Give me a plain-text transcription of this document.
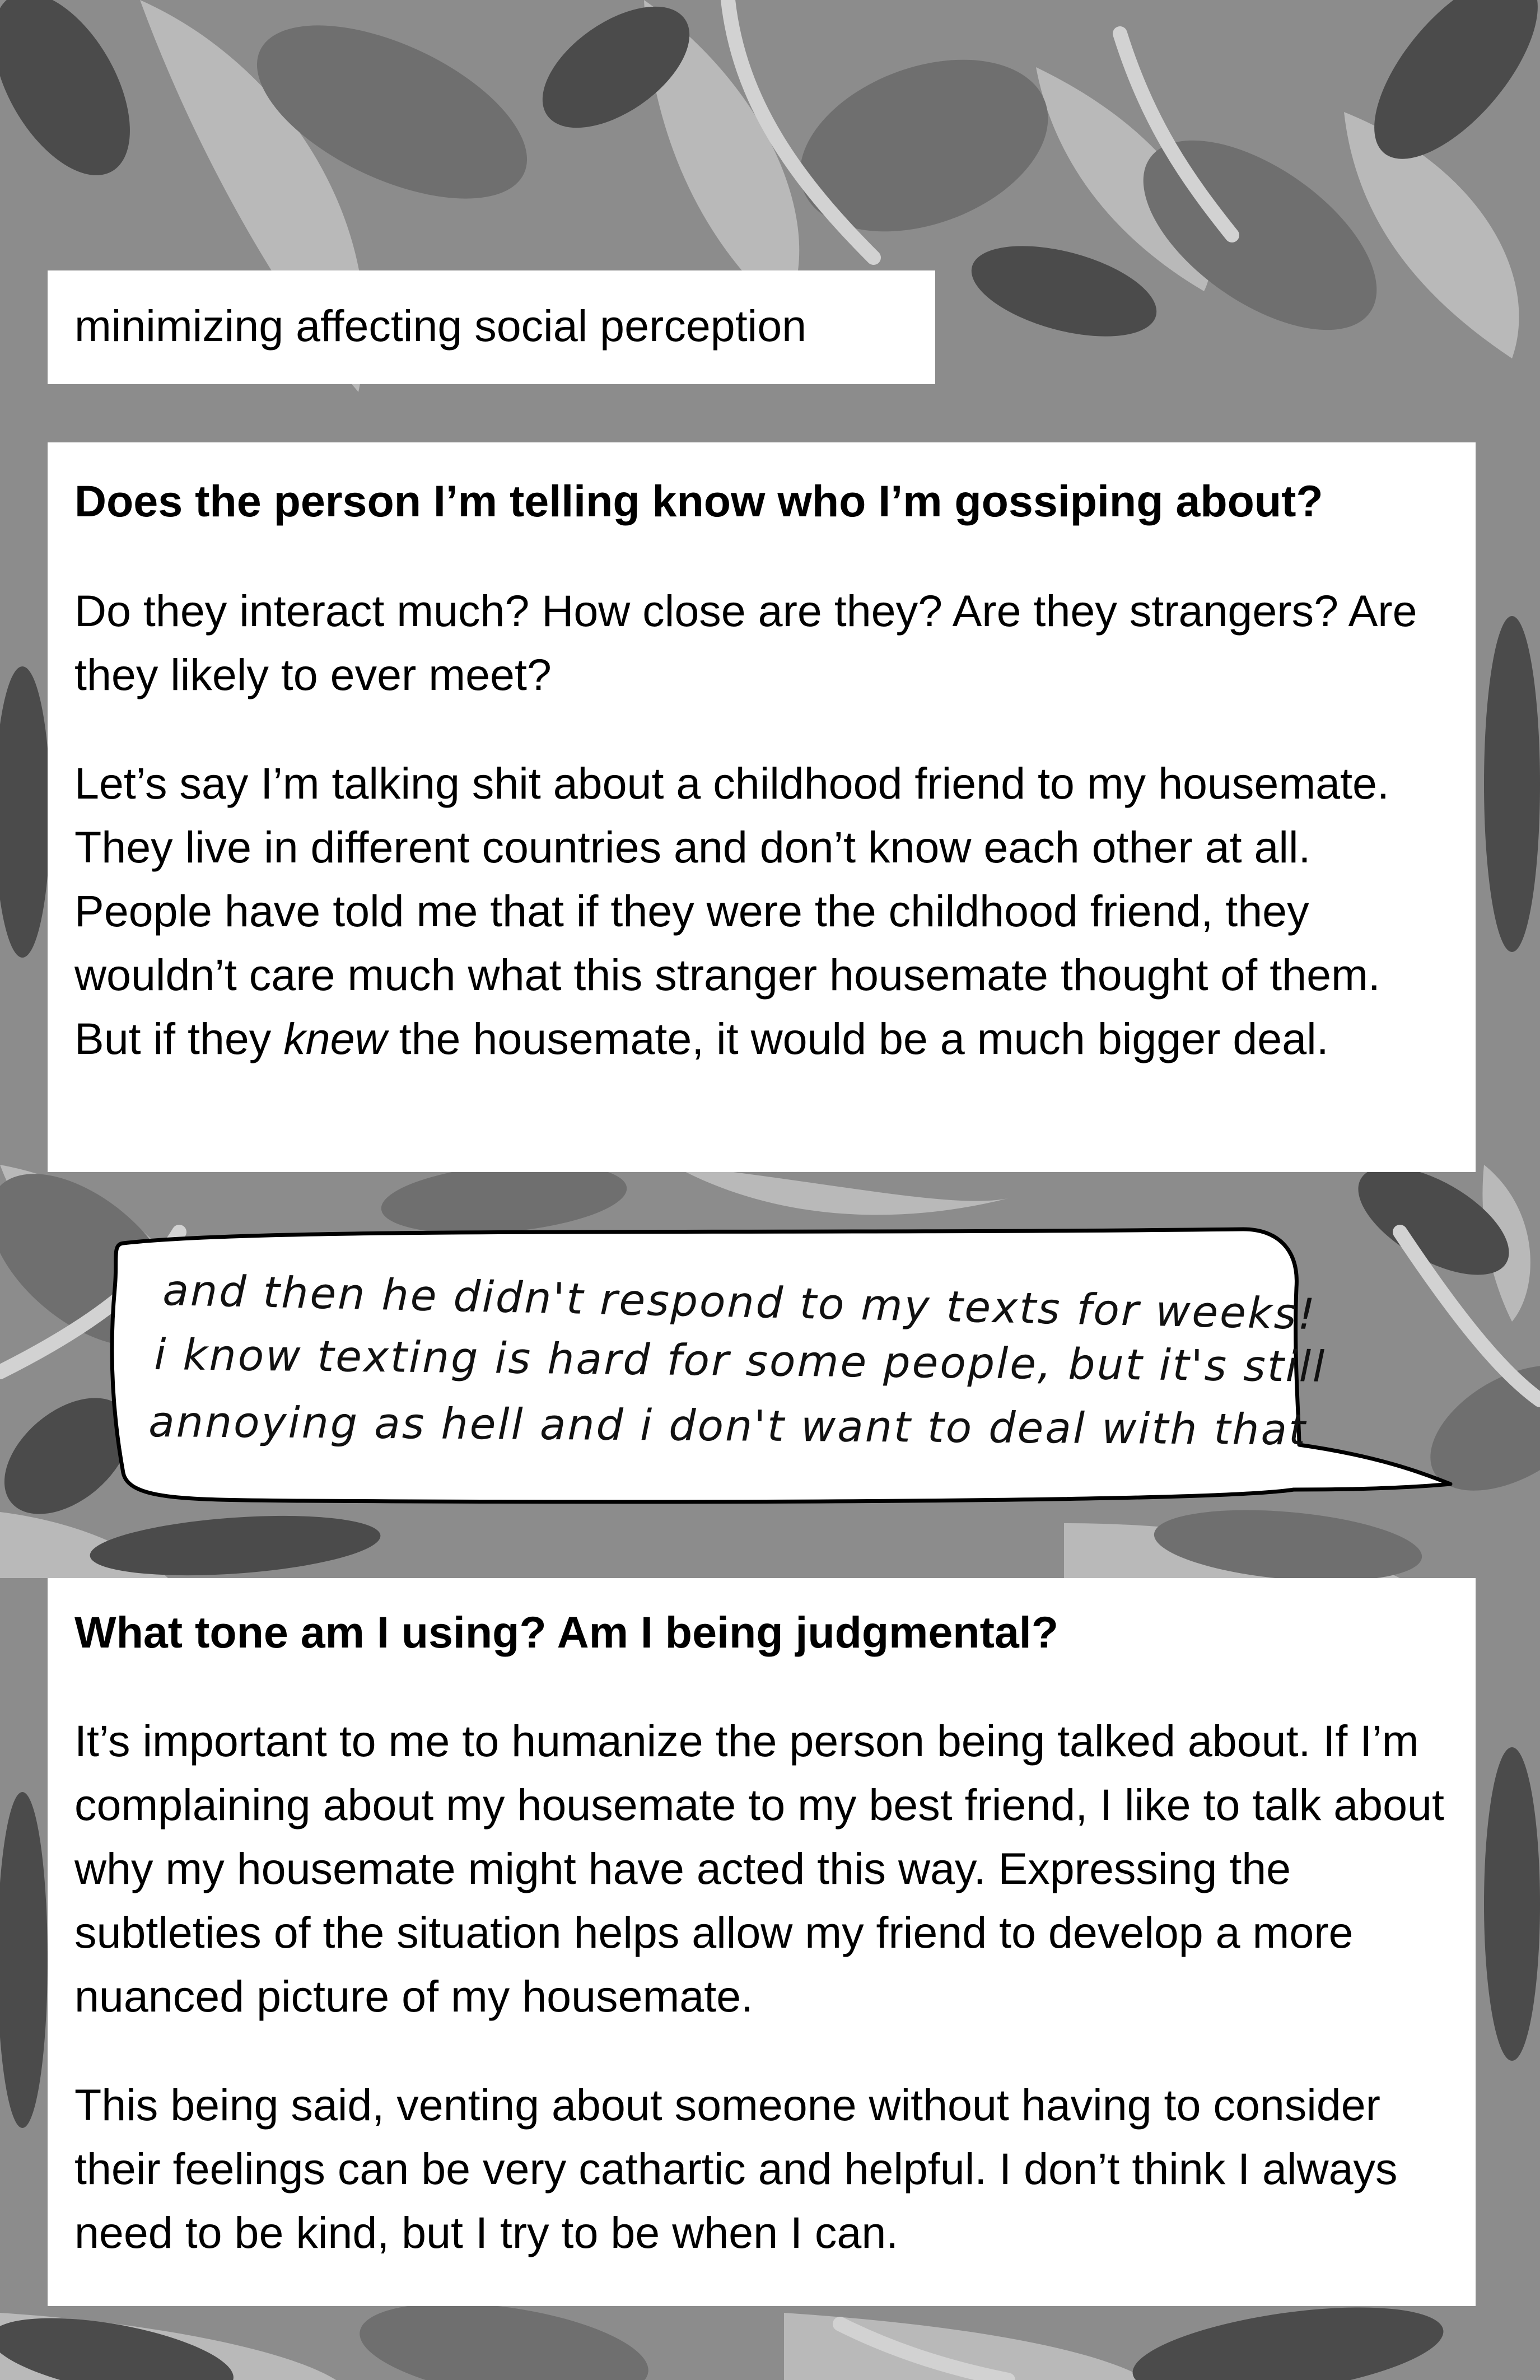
minimizing affecting social perception
Does the person I’m telling know who I’m gossiping about?

Do they interact much? How close are they? Are they strangers? Are they likely to ever meet?

Let’s say I’m talking shit about a childhood friend to my housemate. They live in different countries and don’t know each other at all. People have told me that if they were the childhood friend, they wouldn’t care much what this stranger housemate thought of them. But if they knew the housemate, it would be a much bigger deal.

and then he didn't respond to my texts for weeks!
i know texting is hard for some people, but it's still
annoying as hell and i don't want to deal with that
What tone am I using? Am I being judgmental?

It’s important to me to humanize the person being talked about. If I’m complaining about my housemate to my best friend, I like to talk about why my housemate might have acted this way. Expressing the subtleties of the situation helps allow my friend to develop a more nuanced picture of my housemate.

This being said, venting about someone without having to consider their feelings can be very cathartic and helpful. I don’t think I always need to be kind, but I try to be when I can.
